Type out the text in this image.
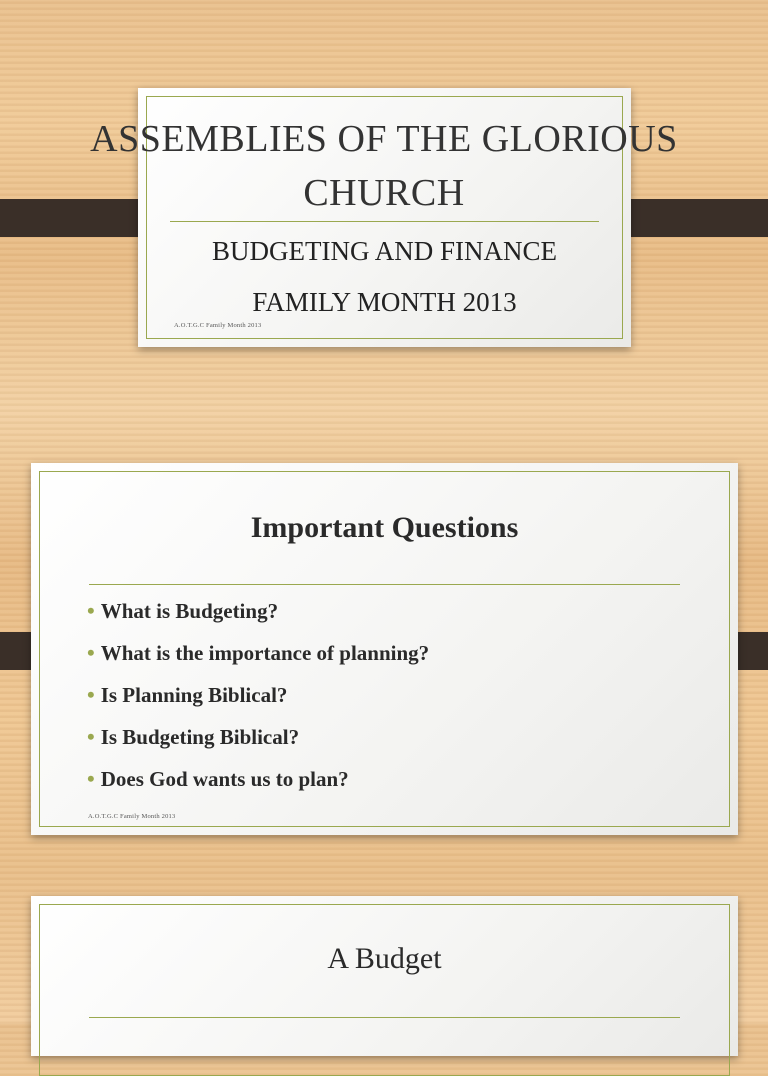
A.O.T.G.C Family Month 2013
ASSEMBLIES OF THE GLORIOUS
CHURCH
BUDGETING AND FINANCE
FAMILY MONTH 2013
Important Questions
• What is Budgeting?
• What is the importance of planning?
• Is Planning Biblical?
• Is Budgeting Biblical?
• Does God wants us to plan?
A.O.T.G.C Family Month 2013
A Budget
